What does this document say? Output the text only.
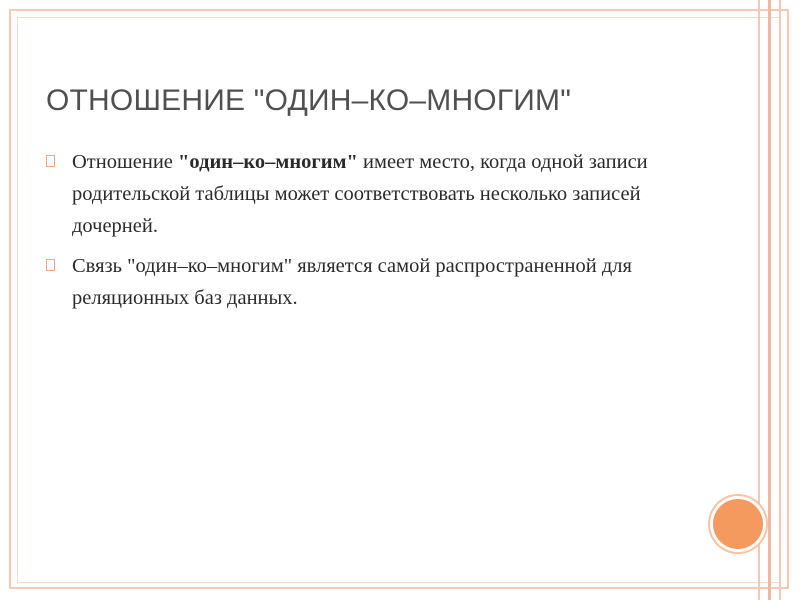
ОТНОШЕНИЕ "ОДИН–КО–МНОГИМ"
Отношение "один–ко–многим" имеет место, когда одной записи родительской таблицы может соответствовать несколько записей дочерней.
Связь "один–ко–многим" является самой распространенной для реляционных баз данных.
